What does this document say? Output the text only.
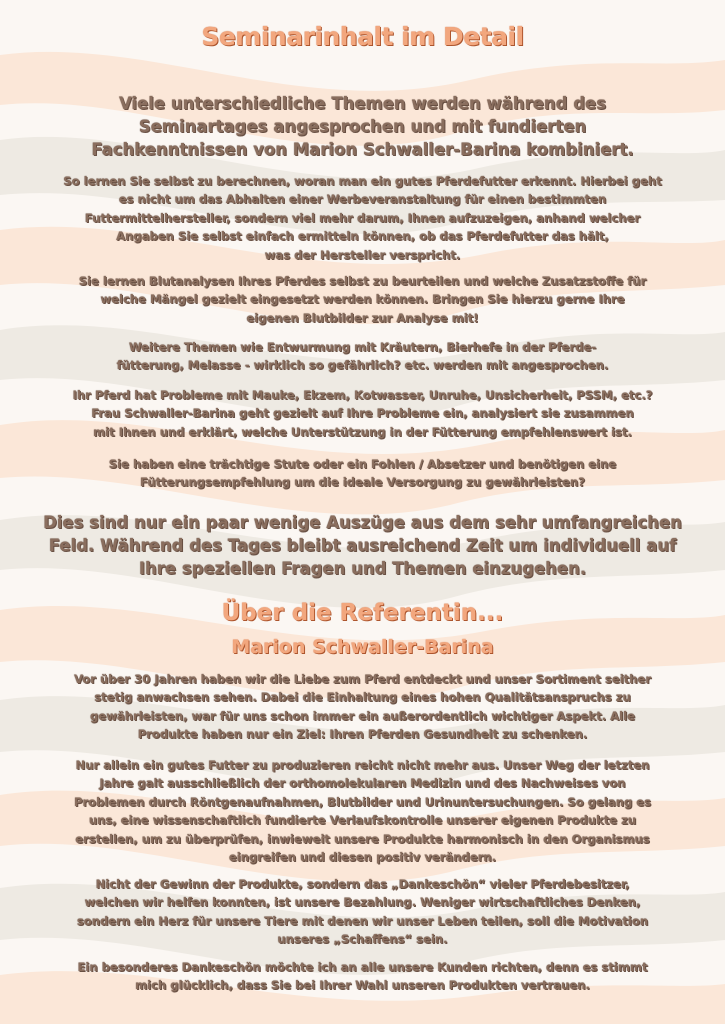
Seminarinhalt im Detail
Viele unterschiedliche Themen werden während des
Seminartages angesprochen und mit fundierten
Fachkenntnissen von Marion Schwaller-Barina kombiniert.
So lernen Sie selbst zu berechnen, woran man ein gutes Pferdefutter erkennt. Hierbei geht
es nicht um das Abhalten einer Werbeveranstaltung für einen bestimmten
Futtermittelhersteller, sondern viel mehr darum, Ihnen aufzuzeigen, anhand welcher
Angaben Sie selbst einfach ermitteln können, ob das Pferdefutter das hält,
was der Hersteller verspricht.
Sie lernen Blutanalysen Ihres Pferdes selbst zu beurteilen und welche Zusatzstoffe für
welche Mängel gezielt eingesetzt werden können. Bringen Sie hierzu gerne Ihre
eigenen Blutbilder zur Analyse mit!
Weitere Themen wie Entwurmung mit Kräutern, Bierhefe in der Pferde-
fütterung, Melasse - wirklich so gefährlich? etc. werden mit angesprochen.
Ihr Pferd hat Probleme mit Mauke, Ekzem, Kotwasser, Unruhe, Unsicherheit, PSSM, etc.?
Frau Schwaller-Barina geht gezielt auf Ihre Probleme ein, analysiert sie zusammen
mit Ihnen und erklärt, welche Unterstützung in der Fütterung empfehlenswert ist.
Sie haben eine trächtige Stute oder ein Fohlen / Absetzer und benötigen eine
Fütterungsempfehlung um die ideale Versorgung zu gewährleisten?
Dies sind nur ein paar wenige Auszüge aus dem sehr umfangreichen
Feld. Während des Tages bleibt ausreichend Zeit um individuell auf
Ihre speziellen Fragen und Themen einzugehen.
Über die Referentin...
Marion Schwaller-Barina
Vor über 30 Jahren haben wir die Liebe zum Pferd entdeckt und unser Sortiment seither
stetig anwachsen sehen. Dabei die Einhaltung eines hohen Qualitätsanspruchs zu
gewährleisten, war für uns schon immer ein außerordentlich wichtiger Aspekt. Alle
Produkte haben nur ein Ziel: Ihren Pferden Gesundheit zu schenken.
Nur allein ein gutes Futter zu produzieren reicht nicht mehr aus. Unser Weg der letzten
Jahre galt ausschließlich der orthomolekularen Medizin und des Nachweises von
Problemen durch Röntgenaufnahmen, Blutbilder und Urinuntersuchungen. So gelang es
uns, eine wissenschaftlich fundierte Verlaufskontrolle unserer eigenen Produkte zu
erstellen, um zu überprüfen, inwieweit unsere Produkte harmonisch in den Organismus
eingreifen und diesen positiv verändern.
Nicht der Gewinn der Produkte, sondern das „Dankeschön“ vieler Pferdebesitzer,
welchen wir helfen konnten, ist unsere Bezahlung. Weniger wirtschaftliches Denken,
sondern ein Herz für unsere Tiere mit denen wir unser Leben teilen, soll die Motivation
unseres „Schaffens“ sein.
Ein besonderes Dankeschön möchte ich an alle unsere Kunden richten, denn es stimmt
mich glücklich, dass Sie bei Ihrer Wahl unseren Produkten vertrauen.
